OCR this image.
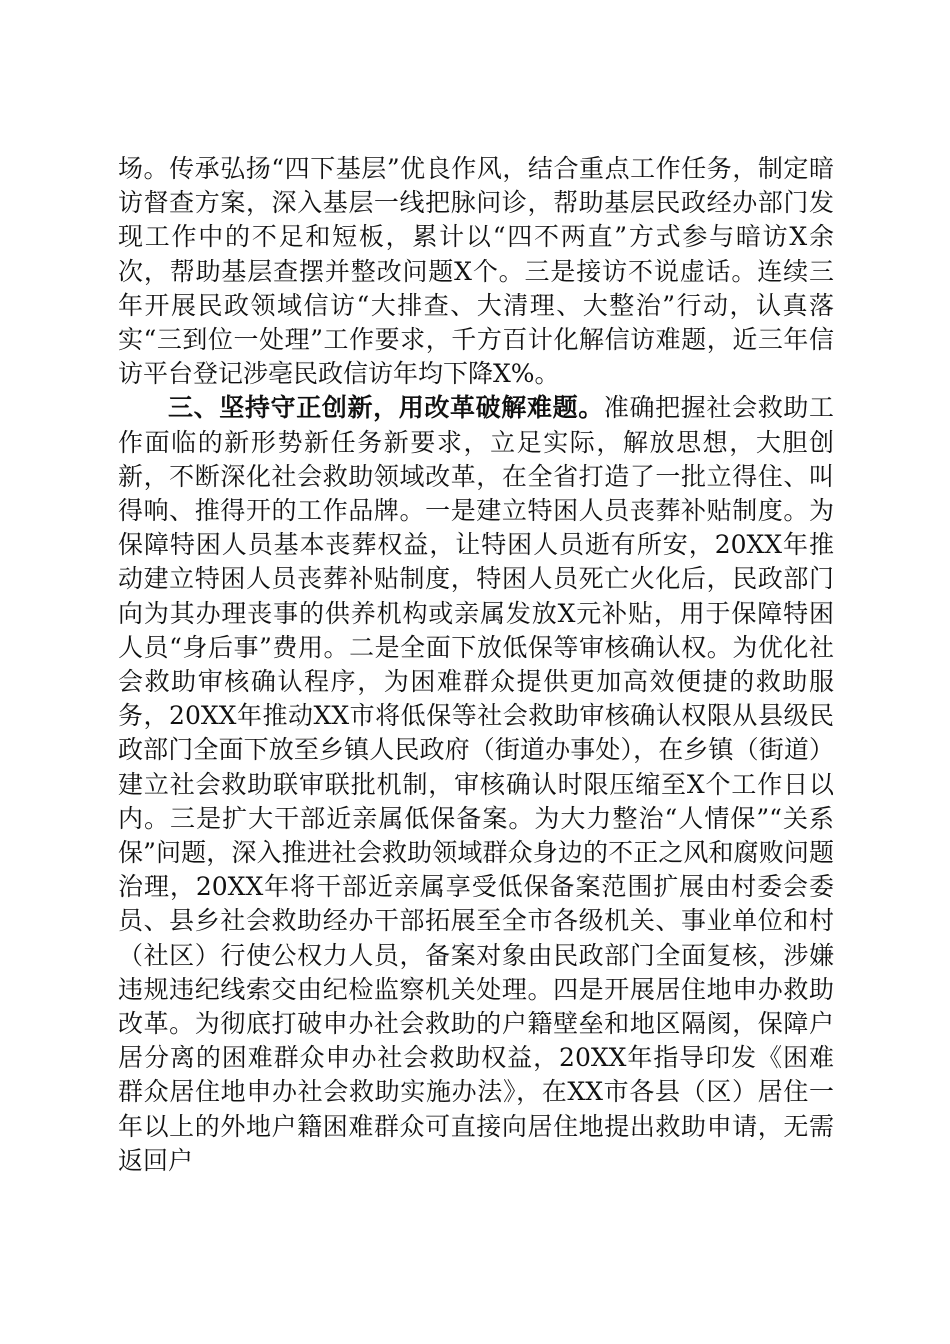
场。传承弘扬“四下基层”优良作风，结合重点工作任务，制定暗访督查方案，深入基层一线把脉问诊，帮助基层民政经办部门发现工作中的不足和短板，累计以“四不两直”方式参与暗访X余次，帮助基层查摆并整改问题X个。三是接访不说虚话。连续三年开展民政领域信访“大排查、大清理、大整治”行动，认真落实“三到位一处理”工作要求，千方百计化解信访难题，近三年信访平台登记涉亳民政信访年均下降X%。

三、坚持守正创新，用改革破解难题。准确把握社会救助工作面临的新形势新任务新要求，立足实际，解放思想，大胆创新，不断深化社会救助领域改革，在全省打造了一批立得住、叫得响、推得开的工作品牌。一是建立特困人员丧葬补贴制度。为保障特困人员基本丧葬权益，让特困人员逝有所安，20XX年推动建立特困人员丧葬补贴制度，特困人员死亡火化后，民政部门向为其办理丧事的供养机构或亲属发放X元补贴，用于保障特困人员“身后事”费用。二是全面下放低保等审核确认权。为优化社会救助审核确认程序，为困难群众提供更加高效便捷的救助服务，20XX年推动XX市将低保等社会救助审核确认权限从县级民政部门全面下放至乡镇人民政府（街道办事处），在乡镇（街道）建立社会救助联审联批机制，审核确认时限压缩至X个工作日以内。三是扩大干部近亲属低保备案。为大力整治“人情保”“关系保”问题，深入推进社会救助领域群众身边的不正之风和腐败问题治理，20XX年将干部近亲属享受低保备案范围扩展由村委会委员、县乡社会救助经办干部拓展至全市各级机关、事业单位和村（社区）行使公权力人员，备案对象由民政部门全面复核，涉嫌违规违纪线索交由纪检监察机关处理。四是开展居住地申办救助改革。为彻底打破申办社会救助的户籍壁垒和地区隔阂，保障户居分离的困难群众申办社会救助权益，20XX年指导印发《困难群众居住地申办社会救助实施办法》，在XX市各县（区）居住一年以上的外地户籍困难群众可直接向居住地提出救助申请，无需返回户
